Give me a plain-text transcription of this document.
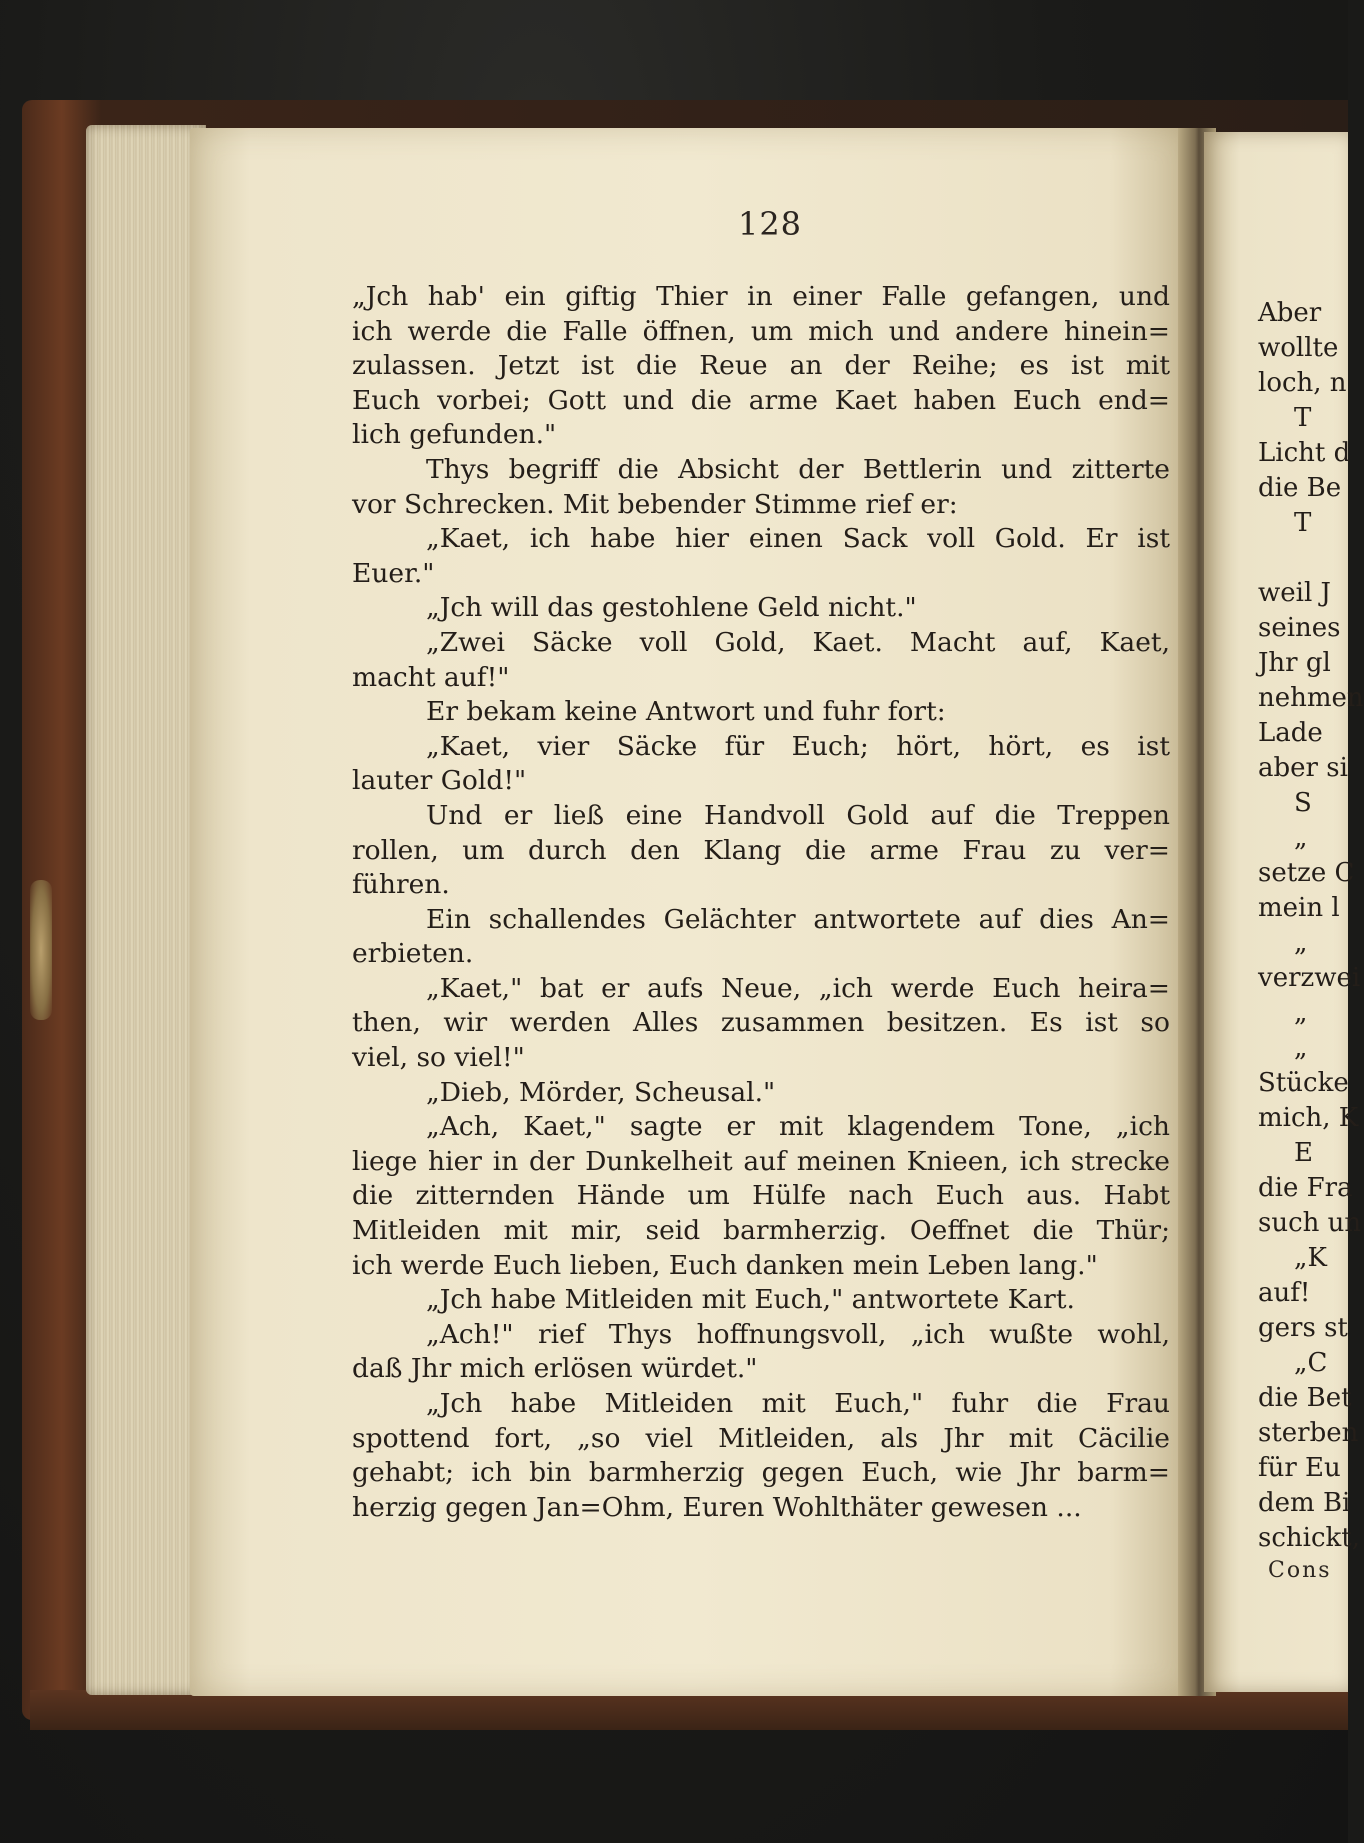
128
„Jch hab' ein giftig Thier in einer Falle gefangen, und
ich werde die Falle öffnen, um mich und andere hinein=
zulassen. Jetzt ist die Reue an der Reihe; es ist mit
Euch vorbei; Gott und die arme Kaet haben Euch end=
lich gefunden."
Thys begriff die Absicht der Bettlerin und zitterte
vor Schrecken. Mit bebender Stimme rief er:
„Kaet, ich habe hier einen Sack voll Gold. Er ist
Euer."
„Jch will das gestohlene Geld nicht."
„Zwei Säcke voll Gold, Kaet. Macht auf, Kaet,
macht auf!"
Er bekam keine Antwort und fuhr fort:
„Kaet, vier Säcke für Euch; hört, hört, es ist
lauter Gold!"
Und er ließ eine Handvoll Gold auf die Treppen
rollen, um durch den Klang die arme Frau zu ver=
führen.
Ein schallendes Gelächter antwortete auf dies An=
erbieten.
„Kaet," bat er aufs Neue, „ich werde Euch heira=
then, wir werden Alles zusammen besitzen. Es ist so
viel, so viel!"
„Dieb, Mörder, Scheusal."
„Ach, Kaet," sagte er mit klagendem Tone, „ich
liege hier in der Dunkelheit auf meinen Knieen, ich strecke
die zitternden Hände um Hülfe nach Euch aus. Habt
Mitleiden mit mir, seid barmherzig. Oeffnet die Thür;
ich werde Euch lieben, Euch danken mein Leben lang."
„Jch habe Mitleiden mit Euch," antwortete Kart.
„Ach!" rief Thys hoffnungsvoll, „ich wußte wohl,
daß Jhr mich erlösen würdet."
„Jch habe Mitleiden mit Euch," fuhr die Frau
spottend fort, „so viel Mitleiden, als Jhr mit Cäcilie
gehabt; ich bin barmherzig gegen Euch, wie Jhr barm=
herzig gegen Jan=Ohm, Euren Wohlthäter gewesen ...
Aber
wollte
loch, n
T
Licht d
die Be
T
weil J
seines
Jhr gl
nehmen
Lade
aber si
S
„
setze C
mein l
„
verzwei
„
„
Stücke
mich, K
E
die Fra
such un
„K
auf!
gers st
„C
die Bet
sterben
für Eu
dem Bi
schickt,
Cons
